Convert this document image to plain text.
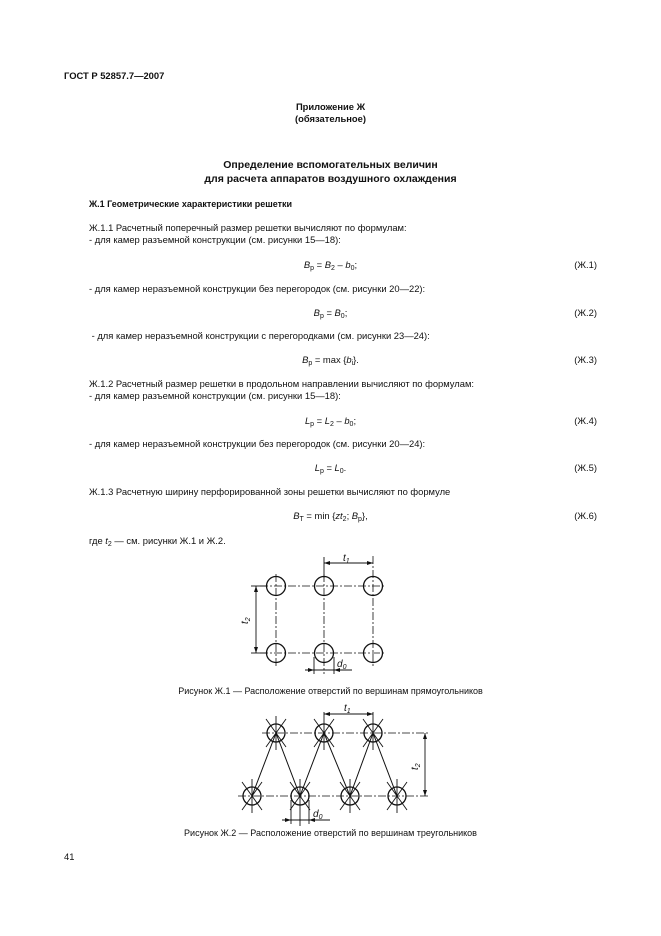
ГОСТ Р 52857.7—2007
Приложение Ж
(обязательное)
Определение вспомогательных величин
для расчета аппаратов воздушного охлаждения
Ж.1 Геометрические характеристики решетки
Ж.1.1 Расчетный поперечный размер решетки вычисляют по формулам:
- для камер разъемной конструкции (см. рисунки 15—18):
$B_p = B_2 - b_0$;	(Ж.1)
- для камер неразъемной конструкции без перегородок (см. рисунки 20—22):
$B_p = B_0$;	(Ж.2)
- для камер неразъемной конструкции с перегородками (см. рисунки 23—24):
$B_p = \max \{b_i\}$.	(Ж.3)
Ж.1.2 Расчетный размер решетки в продольном направлении вычисляют по формулам:
- для камер разъемной конструкции (см. рисунки 15—18):
$L_p = L_2 - b_0$;	(Ж.4)
- для камер неразъемной конструкции без перегородок (см. рисунки 20—24):
$L_p = L_0$.	(Ж.5)
Ж.1.3 Расчетную ширину перфорированной зоны решетки вычисляют по формуле
$B_T = \min \{zt_2$; $B_p$},	(Ж.6)
где $t_2$ — см. рисунки Ж.1 и Ж.2.
$t_1$
$t_2$
$d_0$
Рисунок Ж.1 — Расположение отверстий по вершинам прямоугольников
$t_1$
$t_2$
$d_0$
Рисунок Ж.2 — Расположение отверстий по вершинам треугольников
41
